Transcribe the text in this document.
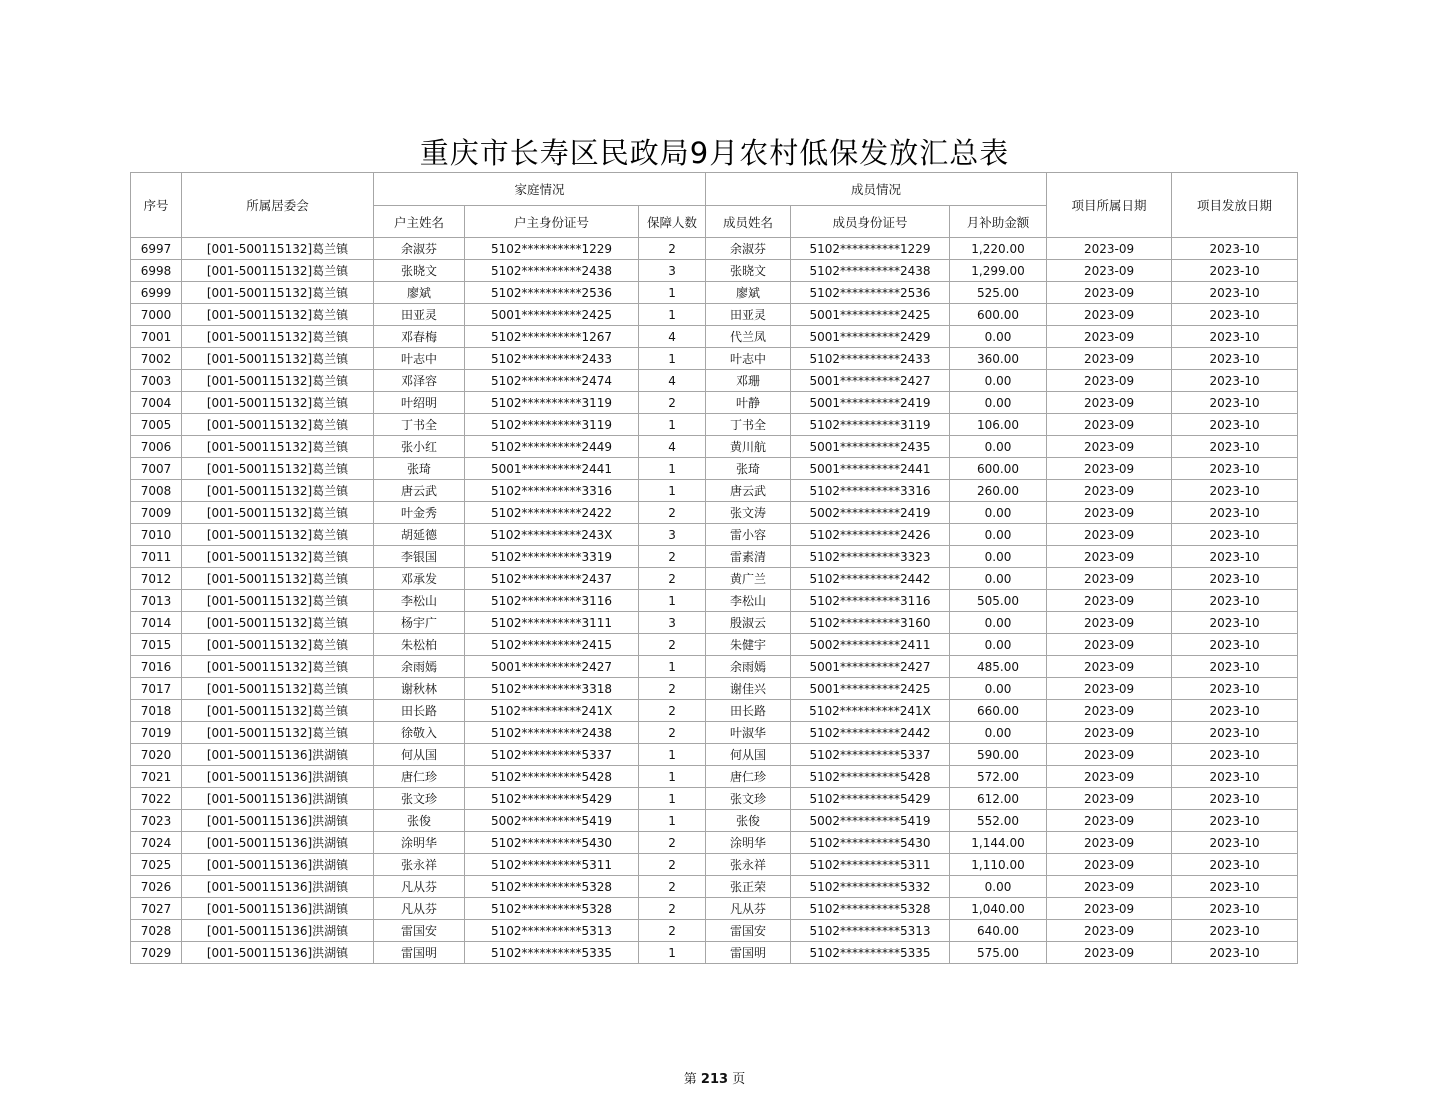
重庆市长寿区民政局9月农村低保发放汇总表
序号	所属居委会	家庭情况			成员情况			项目所属日期	项目发放日期
		户主姓名	户主身份证号	保障人数	成员姓名	成员身份证号	月补助金额		
6997	[001-500115132]葛兰镇	余淑芬	5102**********1229	2	余淑芬	5102**********1229	1,220.00	2023-09	2023-10
6998	[001-500115132]葛兰镇	张晓文	5102**********2438	3	张晓文	5102**********2438	1,299.00	2023-09	2023-10
6999	[001-500115132]葛兰镇	廖斌	5102**********2536	1	廖斌	5102**********2536	525.00	2023-09	2023-10
7000	[001-500115132]葛兰镇	田亚灵	5001**********2425	1	田亚灵	5001**********2425	600.00	2023-09	2023-10
7001	[001-500115132]葛兰镇	邓春梅	5102**********1267	4	代兰凤	5001**********2429	0.00	2023-09	2023-10
7002	[001-500115132]葛兰镇	叶志中	5102**********2433	1	叶志中	5102**********2433	360.00	2023-09	2023-10
7003	[001-500115132]葛兰镇	邓泽容	5102**********2474	4	邓珊	5001**********2427	0.00	2023-09	2023-10
7004	[001-500115132]葛兰镇	叶绍明	5102**********3119	2	叶静	5001**********2419	0.00	2023-09	2023-10
7005	[001-500115132]葛兰镇	丁书全	5102**********3119	1	丁书全	5102**********3119	106.00	2023-09	2023-10
7006	[001-500115132]葛兰镇	张小红	5102**********2449	4	黄川航	5001**********2435	0.00	2023-09	2023-10
7007	[001-500115132]葛兰镇	张琦	5001**********2441	1	张琦	5001**********2441	600.00	2023-09	2023-10
7008	[001-500115132]葛兰镇	唐云武	5102**********3316	1	唐云武	5102**********3316	260.00	2023-09	2023-10
7009	[001-500115132]葛兰镇	叶金秀	5102**********2422	2	张文涛	5002**********2419	0.00	2023-09	2023-10
7010	[001-500115132]葛兰镇	胡延德	5102**********243X	3	雷小容	5102**********2426	0.00	2023-09	2023-10
7011	[001-500115132]葛兰镇	李银国	5102**********3319	2	雷素清	5102**********3323	0.00	2023-09	2023-10
7012	[001-500115132]葛兰镇	邓承发	5102**********2437	2	黄广兰	5102**********2442	0.00	2023-09	2023-10
7013	[001-500115132]葛兰镇	李松山	5102**********3116	1	李松山	5102**********3116	505.00	2023-09	2023-10
7014	[001-500115132]葛兰镇	杨宇广	5102**********3111	3	殷淑云	5102**********3160	0.00	2023-09	2023-10
7015	[001-500115132]葛兰镇	朱松柏	5102**********2415	2	朱健宇	5002**********2411	0.00	2023-09	2023-10
7016	[001-500115132]葛兰镇	余雨嫣	5001**********2427	1	余雨嫣	5001**********2427	485.00	2023-09	2023-10
7017	[001-500115132]葛兰镇	谢秋林	5102**********3318	2	谢佳兴	5001**********2425	0.00	2023-09	2023-10
7018	[001-500115132]葛兰镇	田长路	5102**********241X	2	田长路	5102**********241X	660.00	2023-09	2023-10
7019	[001-500115132]葛兰镇	徐敬入	5102**********2438	2	叶淑华	5102**********2442	0.00	2023-09	2023-10
7020	[001-500115136]洪湖镇	何从国	5102**********5337	1	何从国	5102**********5337	590.00	2023-09	2023-10
7021	[001-500115136]洪湖镇	唐仁珍	5102**********5428	1	唐仁珍	5102**********5428	572.00	2023-09	2023-10
7022	[001-500115136]洪湖镇	张文珍	5102**********5429	1	张文珍	5102**********5429	612.00	2023-09	2023-10
7023	[001-500115136]洪湖镇	张俊	5002**********5419	1	张俊	5002**********5419	552.00	2023-09	2023-10
7024	[001-500115136]洪湖镇	涂明华	5102**********5430	2	涂明华	5102**********5430	1,144.00	2023-09	2023-10
7025	[001-500115136]洪湖镇	张永祥	5102**********5311	2	张永祥	5102**********5311	1,110.00	2023-09	2023-10
7026	[001-500115136]洪湖镇	凡从芬	5102**********5328	2	张正荣	5102**********5332	0.00	2023-09	2023-10
7027	[001-500115136]洪湖镇	凡从芬	5102**********5328	2	凡从芬	5102**********5328	1,040.00	2023-09	2023-10
7028	[001-500115136]洪湖镇	雷国安	5102**********5313	2	雷国安	5102**********5313	640.00	2023-09	2023-10
7029	[001-500115136]洪湖镇	雷国明	5102**********5335	1	雷国明	5102**********5335	575.00	2023-09	2023-10
第 213 页
